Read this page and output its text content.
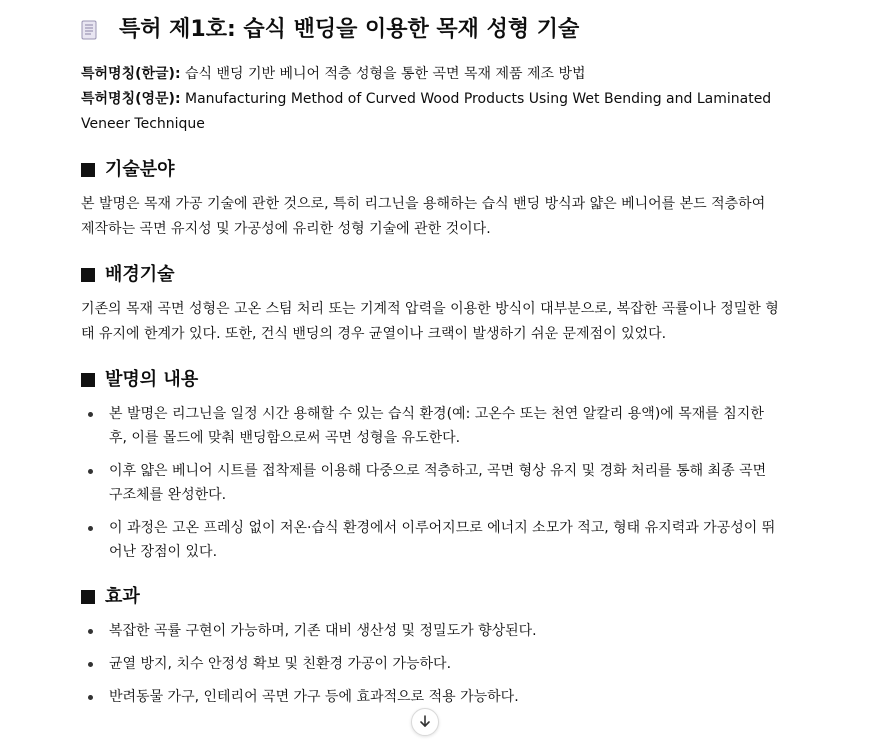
특허 제1호: 습식 밴딩을 이용한 목재 성형 기술

특허명칭(한글): 습식 밴딩 기반 베니어 적층 성형을 통한 곡면 목재 제품 제조 방법
특허명칭(영문): Manufacturing Method of Curved Wood Products Using Wet Bending and Laminated Veneer Technique

기술분야

본 발명은 목재 가공 기술에 관한 것으로, 특히 리그닌을 용해하는 습식 밴딩 방식과 얇은 베니어를 본드 적층하여 제작하는 곡면 유지성 및 가공성에 유리한 성형 기술에 관한 것이다.

배경기술

기존의 목재 곡면 성형은 고온 스팀 처리 또는 기계적 압력을 이용한 방식이 대부분으로, 복잡한 곡률이나 정밀한 형태 유지에 한계가 있다. 또한, 건식 밴딩의 경우 균열이나 크랙이 발생하기 쉬운 문제점이 있었다.

발명의 내용
본 발명은 리그닌을 일정 시간 용해할 수 있는 습식 환경(예: 고온수 또는 천연 알칼리 용액)에 목재를 침지한 후, 이를 몰드에 맞춰 밴딩함으로써 곡면 성형을 유도한다.
이후 얇은 베니어 시트를 접착제를 이용해 다중으로 적층하고, 곡면 형상 유지 및 경화 처리를 통해 최종 곡면 구조체를 완성한다.
이 과정은 고온 프레싱 없이 저온·습식 환경에서 이루어지므로 에너지 소모가 적고, 형태 유지력과 가공성이 뛰어난 장점이 있다.
효과
복잡한 곡률 구현이 가능하며, 기존 대비 생산성 및 정밀도가 향상된다.
균열 방지, 치수 안정성 확보 및 친환경 가공이 가능하다.
반려동물 가구, 인테리어 곡면 가구 등에 효과적으로 적용 가능하다.
